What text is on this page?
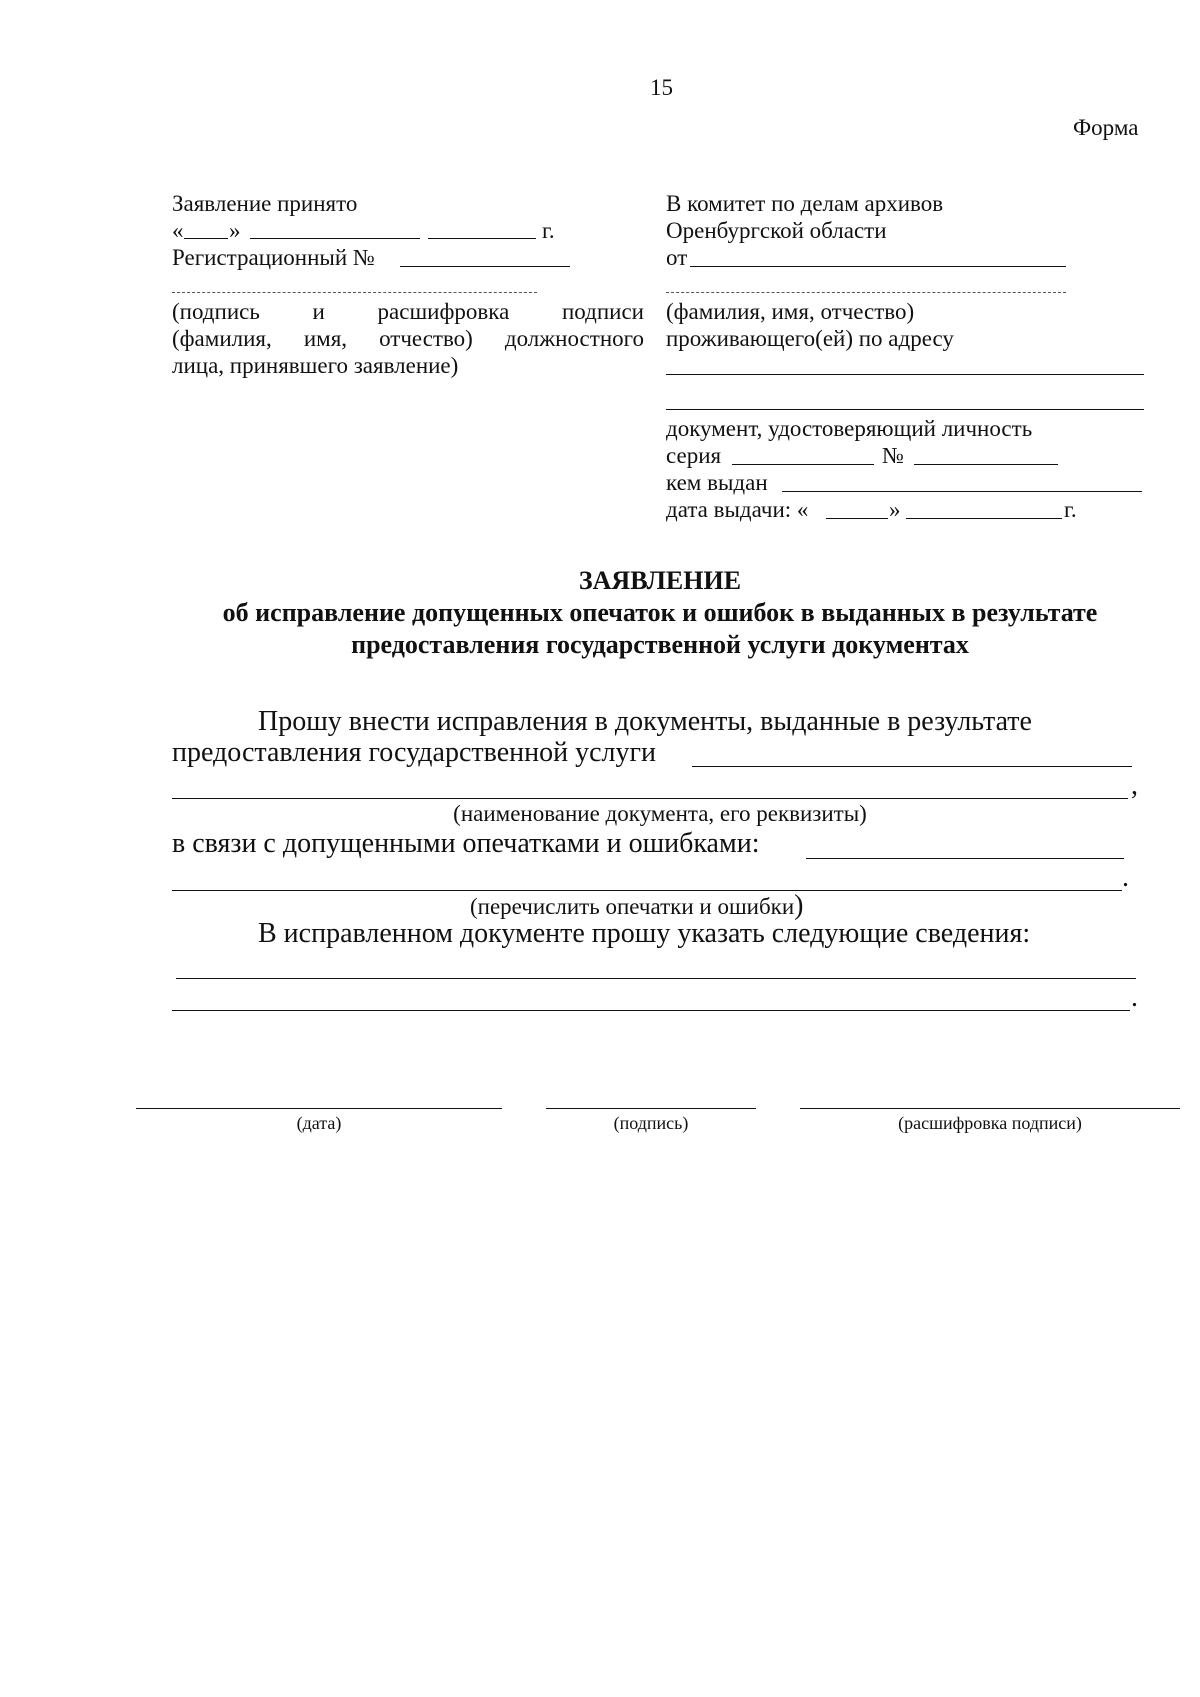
15
Форма
Заявление принято
« »	г.
Регистрационный №
(подпись и расшифровка подписи
(фамилия, имя, отчество) должностного
лица, принявшего заявление)
В комитет по делам архивов
Оренбургской области
от
(фамилия, имя, отчество)
проживающего(ей) по адресу
документ, удостоверяющий личность
серия	№
кем выдан
дата выдачи: «	»	г.
ЗАЯВЛЕНИЕ
об исправление допущенных опечаток и ошибок в выданных в результате
предоставления государственной услуги документах
Прошу внести исправления в документы, выданные в результате
предоставления государственной услуги
,
(наименование документа, его реквизиты)
в связи с допущенными опечатками и ошибками:
.
(перечислить опечатки и ошибки)
В исправленном документе прошу указать следующие сведения:
.
(дата)	(подпись)	(расшифровка подписи)
